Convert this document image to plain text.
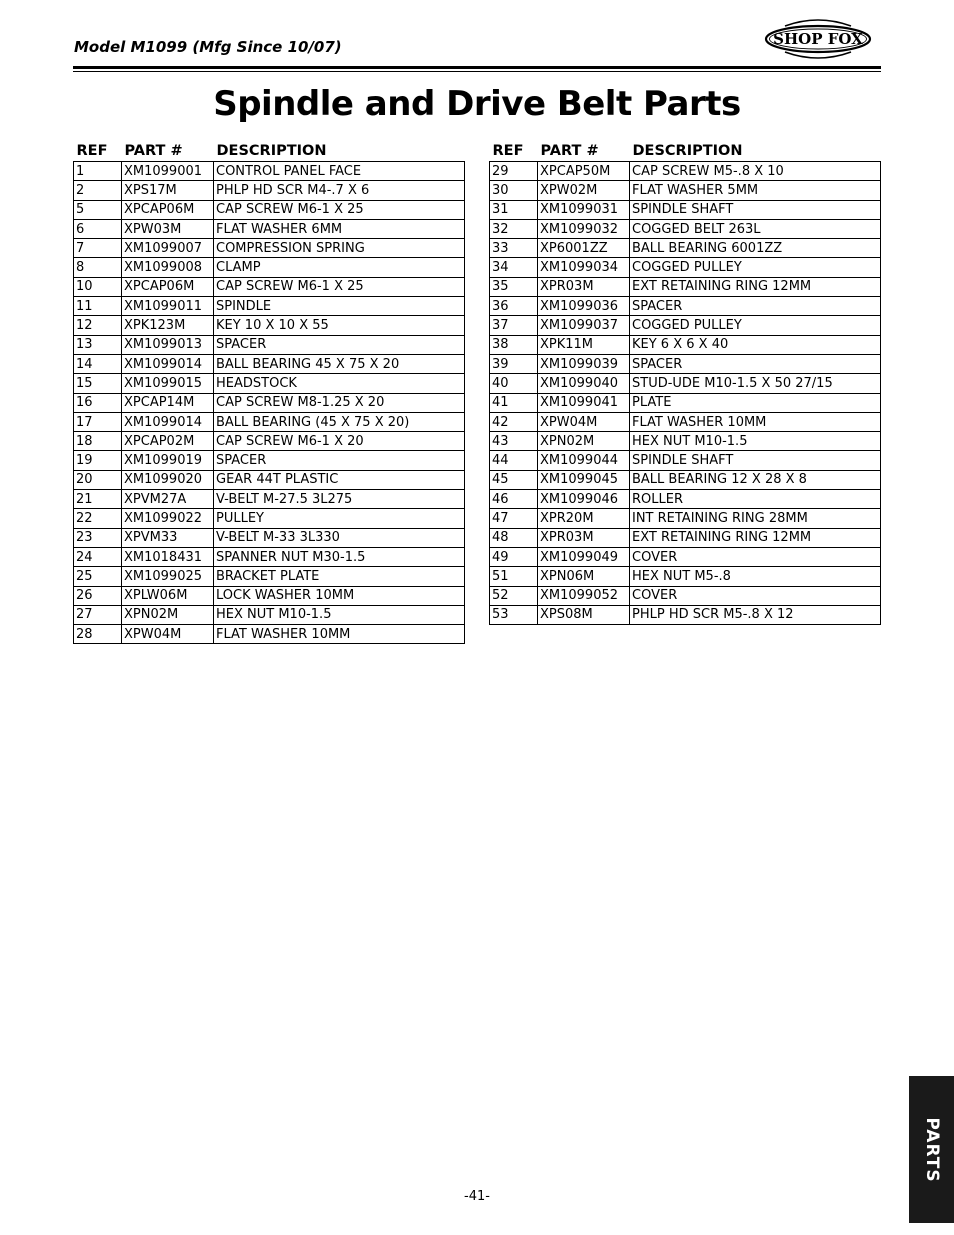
Model M1099 (Mfg Since 10/07)	SHOP FOX
Spindle and Drive Belt Parts
REF	PART #	DESCRIPTION
1	XM1099001	CONTROL PANEL FACE
2	XPS17M	PHLP HD SCR M4-.7 X 6
5	XPCAP06M	CAP SCREW M6-1 X 25
6	XPW03M	FLAT WASHER 6MM
7	XM1099007	COMPRESSION SPRING
8	XM1099008	CLAMP
10	XPCAP06M	CAP SCREW M6-1 X 25
11	XM1099011	SPINDLE
12	XPK123M	KEY 10 X 10 X 55
13	XM1099013	SPACER
14	XM1099014	BALL BEARING 45 X 75 X 20
15	XM1099015	HEADSTOCK
16	XPCAP14M	CAP SCREW M8-1.25 X 20
17	XM1099014	BALL BEARING (45 X 75 X 20)
18	XPCAP02M	CAP SCREW M6-1 X 20
19	XM1099019	SPACER
20	XM1099020	GEAR 44T PLASTIC
21	XPVM27A	V-BELT M-27.5 3L275
22	XM1099022	PULLEY
23	XPVM33	V-BELT M-33 3L330
24	XM1018431	SPANNER NUT M30-1.5
25	XM1099025	BRACKET PLATE
26	XPLW06M	LOCK WASHER 10MM
27	XPN02M	HEX NUT M10-1.5
28	XPW04M	FLAT WASHER 10MM
REF	PART #	DESCRIPTION
29	XPCAP50M	CAP SCREW M5-.8 X 10
30	XPW02M	FLAT WASHER 5MM
31	XM1099031	SPINDLE SHAFT
32	XM1099032	COGGED BELT 263L
33	XP6001ZZ	BALL BEARING 6001ZZ
34	XM1099034	COGGED PULLEY
35	XPR03M	EXT RETAINING RING 12MM
36	XM1099036	SPACER
37	XM1099037	COGGED PULLEY
38	XPK11M	KEY 6 X 6 X 40
39	XM1099039	SPACER
40	XM1099040	STUD-UDE M10-1.5 X 50 27/15
41	XM1099041	PLATE
42	XPW04M	FLAT WASHER 10MM
43	XPN02M	HEX NUT M10-1.5
44	XM1099044	SPINDLE SHAFT
45	XM1099045	BALL BEARING 12 X 28 X 8
46	XM1099046	ROLLER
47	XPR20M	INT RETAINING RING 28MM
48	XPR03M	EXT RETAINING RING 12MM
49	XM1099049	COVER
51	XPN06M	HEX NUT M5-.8
52	XM1099052	COVER
53	XPS08M	PHLP HD SCR M5-.8 X 12
PARTS
-41-
